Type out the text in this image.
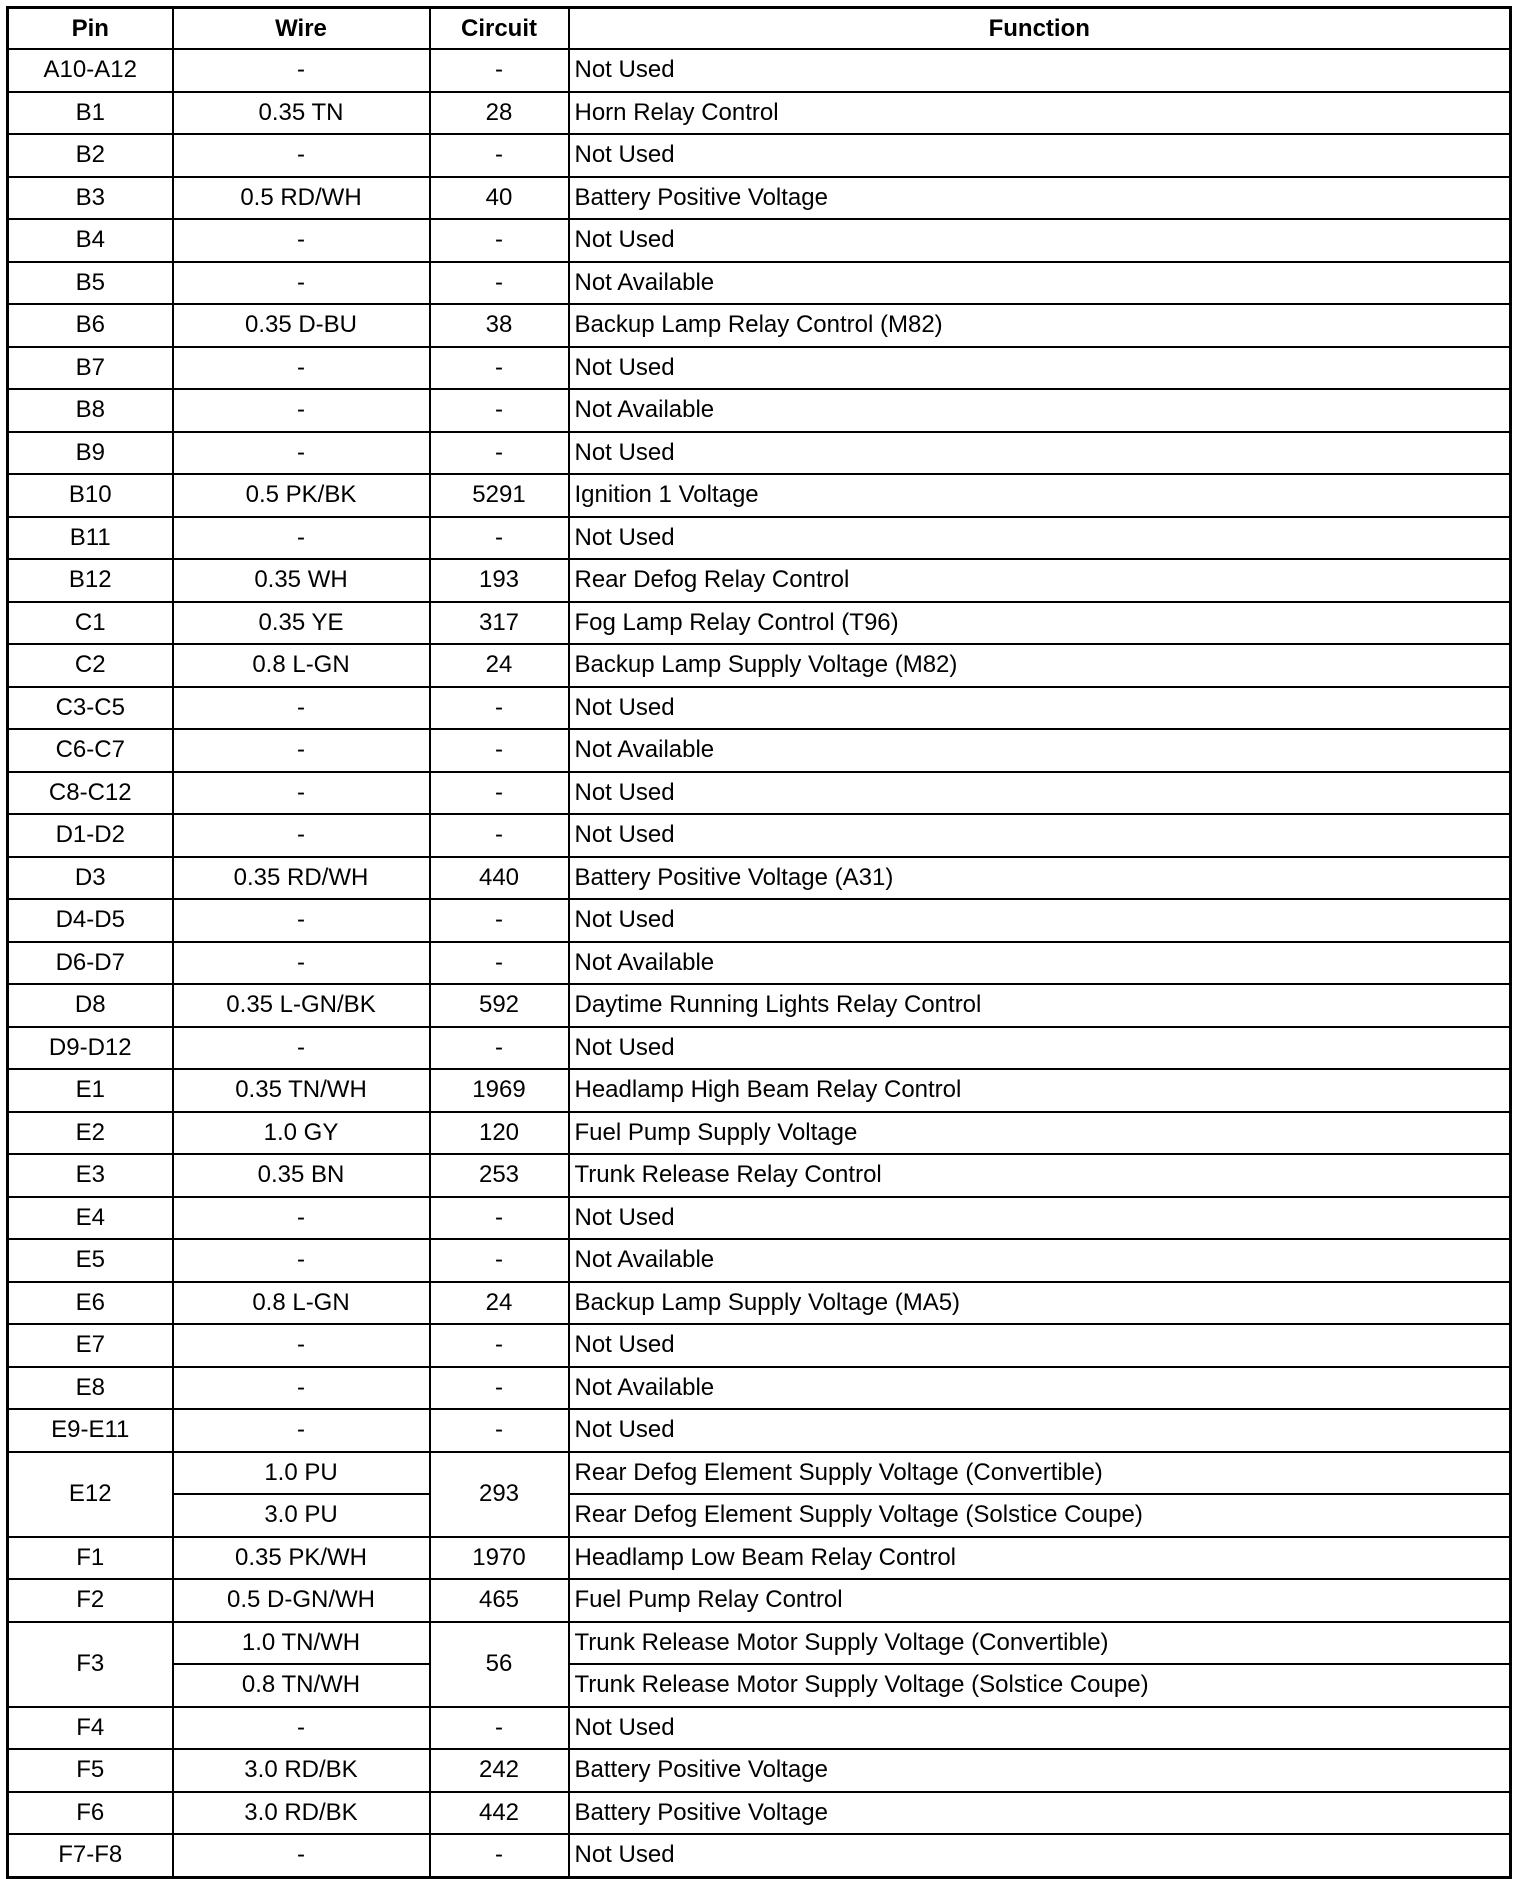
Pin	Wire	Circuit	Function
A10-A12	-	-	Not Used
B1	0.35 TN	28	Horn Relay Control
B2	-	-	Not Used
B3	0.5 RD/WH	40	Battery Positive Voltage
B4	-	-	Not Used
B5	-	-	Not Available
B6	0.35 D-BU	38	Backup Lamp Relay Control (M82)
B7	-	-	Not Used
B8	-	-	Not Available
B9	-	-	Not Used
B10	0.5 PK/BK	5291	Ignition 1 Voltage
B11	-	-	Not Used
B12	0.35 WH	193	Rear Defog Relay Control
C1	0.35 YE	317	Fog Lamp Relay Control (T96)
C2	0.8 L-GN	24	Backup Lamp Supply Voltage (M82)
C3-C5	-	-	Not Used
C6-C7	-	-	Not Available
C8-C12	-	-	Not Used
D1-D2	-	-	Not Used
D3	0.35 RD/WH	440	Battery Positive Voltage (A31)
D4-D5	-	-	Not Used
D6-D7	-	-	Not Available
D8	0.35 L-GN/BK	592	Daytime Running Lights Relay Control
D9-D12	-	-	Not Used
E1	0.35 TN/WH	1969	Headlamp High Beam Relay Control
E2	1.0 GY	120	Fuel Pump Supply Voltage
E3	0.35 BN	253	Trunk Release Relay Control
E4	-	-	Not Used
E5	-	-	Not Available
E6	0.8 L-GN	24	Backup Lamp Supply Voltage (MA5)
E7	-	-	Not Used
E8	-	-	Not Available
E9-E11	-	-	Not Used
E12	1.0 PU	293	Rear Defog Element Supply Voltage (Convertible)
	3.0 PU		Rear Defog Element Supply Voltage (Solstice Coupe)
F1	0.35 PK/WH	1970	Headlamp Low Beam Relay Control
F2	0.5 D-GN/WH	465	Fuel Pump Relay Control
F3	1.0 TN/WH	56	Trunk Release Motor Supply Voltage (Convertible)
	0.8 TN/WH		Trunk Release Motor Supply Voltage (Solstice Coupe)
F4	-	-	Not Used
F5	3.0 RD/BK	242	Battery Positive Voltage
F6	3.0 RD/BK	442	Battery Positive Voltage
F7-F8	-	-	Not Used
